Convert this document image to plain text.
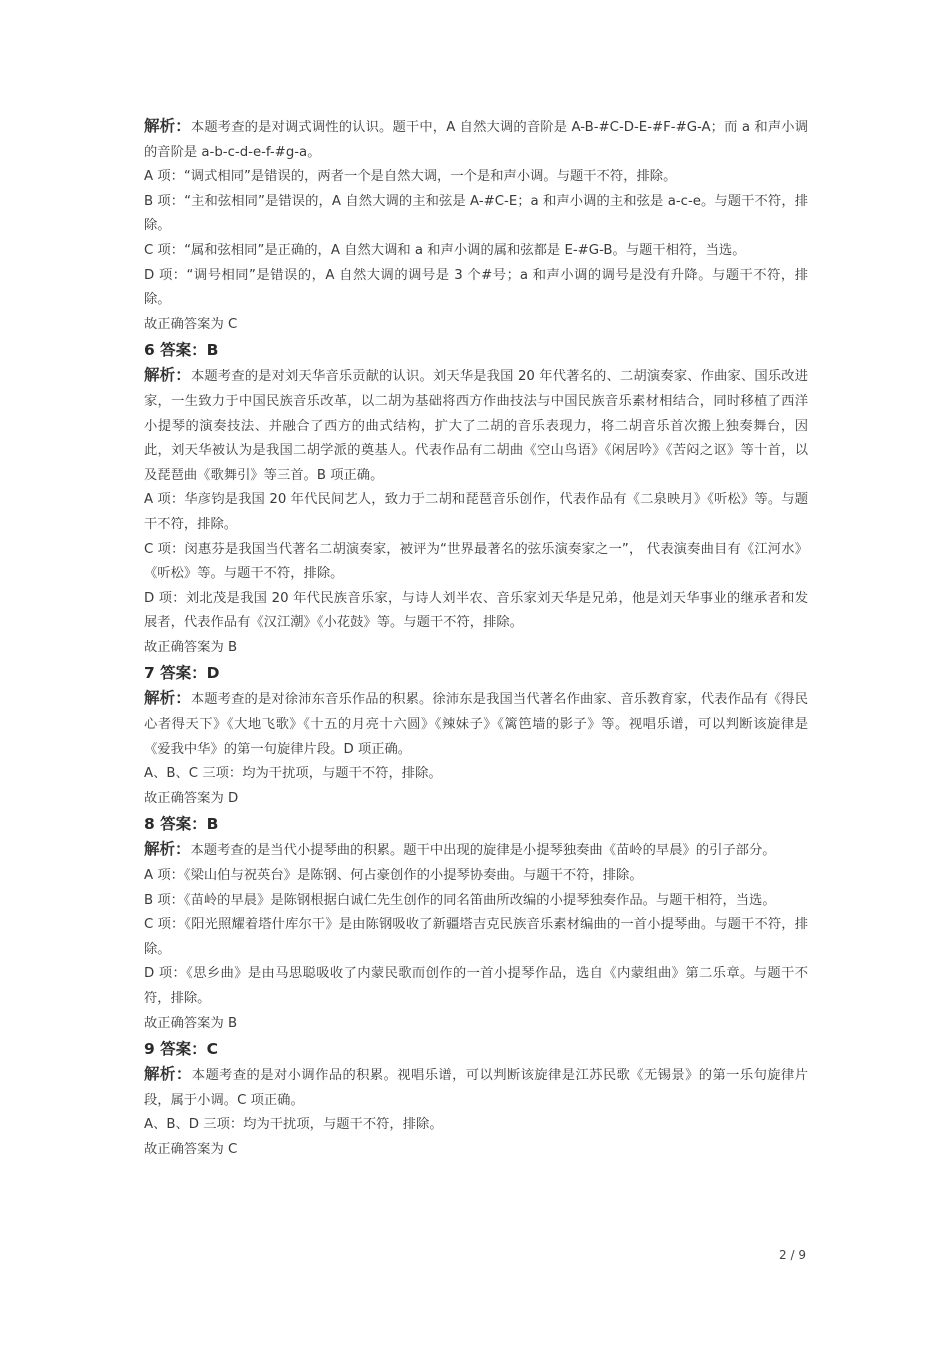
解析：本题考查的是对调式调性的认识。题干中，A 自然大调的音阶是 A-B-#C-D-E-#F-#G-A；而 a 和声小调的音阶是 a-b-c-d-e-f-#g-a。

A 项：“调式相同”是错误的，两者一个是自然大调，一个是和声小调。与题干不符，排除。

B 项：“主和弦相同”是错误的，A 自然大调的主和弦是 A-#C-E；a 和声小调的主和弦是 a-c-e。与题干不符，排除。

C 项：“属和弦相同”是正确的，A 自然大调和 a 和声小调的属和弦都是 E-#G-B。与题干相符，当选。

D 项：“调号相同”是错误的，A 自然大调的调号是 3 个#号；a 和声小调的调号是没有升降。与题干不符，排除。

故正确答案为 C

6 答案：B

解析：本题考查的是对刘天华音乐贡献的认识。刘天华是我国 20 年代著名的、二胡演奏家、作曲家、国乐改进家，一生致力于中国民族音乐改革，以二胡为基础将西方作曲技法与中国民族音乐素材相结合，同时移植了西洋小提琴的演奏技法、并融合了西方的曲式结构，扩大了二胡的音乐表现力，将二胡音乐首次搬上独奏舞台，因此，刘天华被认为是我国二胡学派的奠基人。代表作品有二胡曲《空山鸟语》《闲居吟》《苦闷之讴》等十首，以及琵琶曲《歌舞引》等三首。B 项正确。

A 项：华彦钧是我国 20 年代民间艺人，致力于二胡和琵琶音乐创作，代表作品有《二泉映月》《听松》等。与题干不符，排除。

C 项：闵惠芬是我国当代著名二胡演奏家，被评为“世界最著名的弦乐演奏家之一”， 代表演奏曲目有《江河水》《听松》等。与题干不符，排除。

D 项：刘北茂是我国 20 年代民族音乐家，与诗人刘半农、音乐家刘天华是兄弟，他是刘天华事业的继承者和发展者，代表作品有《汉江潮》《小花鼓》等。与题干不符，排除。

故正确答案为 B

7 答案：D

解析：本题考查的是对徐沛东音乐作品的积累。徐沛东是我国当代著名作曲家、音乐教育家，代表作品有《得民心者得天下》《大地飞歌》《十五的月亮十六圆》《辣妹子》《篱笆墙的影子》等。视唱乐谱，可以判断该旋律是《爱我中华》的第一句旋律片段。D 项正确。

A、B、C 三项：均为干扰项，与题干不符，排除。

故正确答案为 D

8 答案：B

解析：本题考查的是当代小提琴曲的积累。题干中出现的旋律是小提琴独奏曲《苗岭的早晨》的引子部分。

A 项：《梁山伯与祝英台》是陈钢、何占豪创作的小提琴协奏曲。与题干不符，排除。

B 项：《苗岭的早晨》是陈钢根据白诚仁先生创作的同名笛曲所改编的小提琴独奏作品。与题干相符，当选。

C 项：《阳光照耀着塔什库尔干》是由陈钢吸收了新疆塔吉克民族音乐素材编曲的一首小提琴曲。与题干不符，排除。

D 项：《思乡曲》是由马思聪吸收了内蒙民歌而创作的一首小提琴作品，选自《内蒙组曲》第二乐章。与题干不符，排除。

故正确答案为 B

9 答案：C

解析：本题考查的是对小调作品的积累。视唱乐谱，可以判断该旋律是江苏民歌《无锡景》的第一乐句旋律片段，属于小调。C 项正确。

A、B、D 三项：均为干扰项，与题干不符，排除。

故正确答案为 C

2 / 9
